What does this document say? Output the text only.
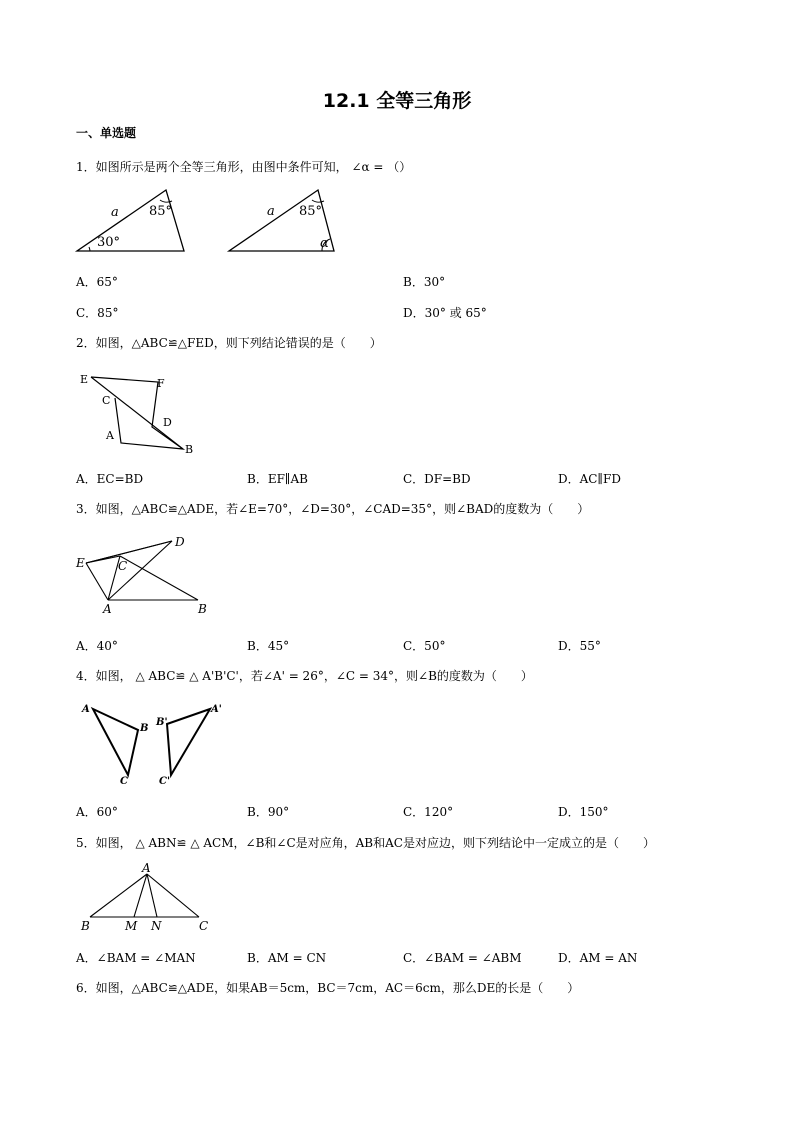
12.1 全等三角形
一、单选题
1．如图所示是两个全等三角形，由图中条件可知， ∠α = （）
a 85°
30°
a 85°
α
A．65°	B．30°
C．85°	D．30° 或 65°
2．如图，△ABC≌△FED，则下列结论错误的是（　　）
E	F
C
D
A
B
A．EC=BD	B．EF∥AB	C．DF=BD	D．AC∥FD
3．如图，△ABC≌△ADE，若∠E=70°，∠D=30°，∠CAD=35°，则∠BAD的度数为（　　）
E	C
D
A	B
A．40°	B．45°	C．50°	D．55°
4．如图， △ ABC≌ △ A'B'C'，若∠A' = 26°，∠C = 34°，则∠B的度数为（　　）
A
B
C
B'
A'
C'
A．60°	B．90°	C．120°	D．150°
5．如图， △ ABN≌ △ ACM，∠B和∠C是对应角，AB和AC是对应边，则下列结论中一定成立的是（　　）
A
B	M N	C
A．∠BAM = ∠MAN	B．AM = CN	C．∠BAM = ∠ABM	D．AM = AN
6．如图，△ABC≌△ADE，如果AB＝5cm，BC＝7cm，AC＝6cm，那么DE的长是（　　）
